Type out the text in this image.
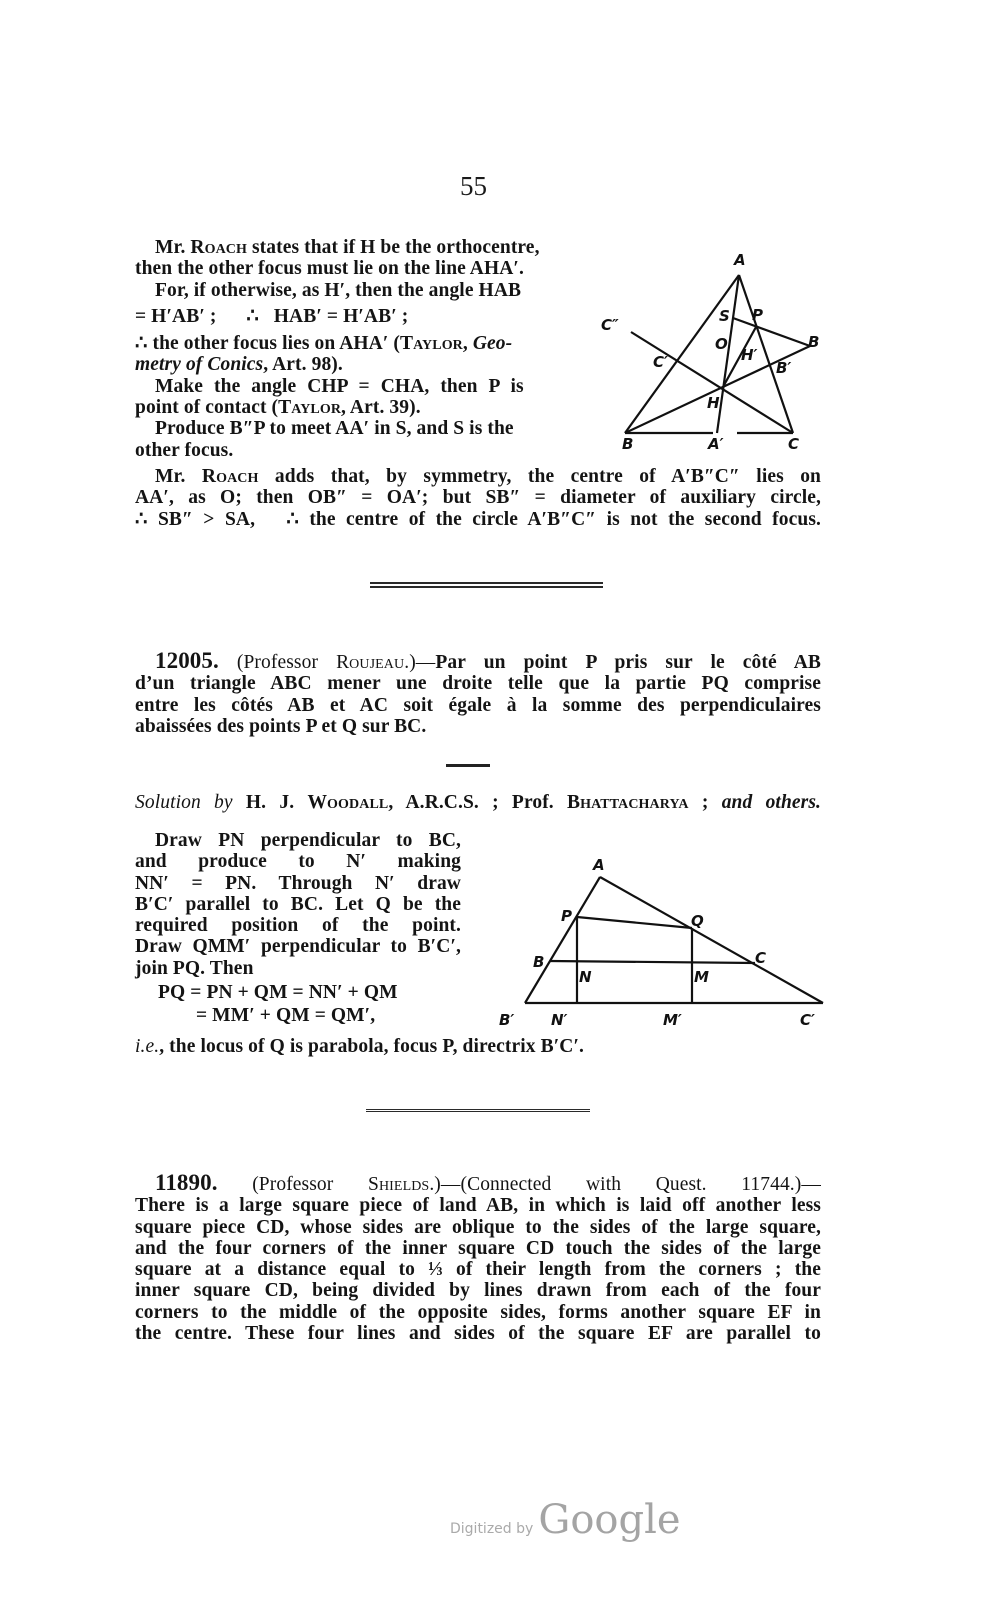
55
Mr. Roach states that if H be the orthocentre,
then the other focus must lie on the line AHA′.
For, if otherwise, as H′, then the angle HAB
= H′AB′ ;      ∴   HAB′ = H′AB′ ;
∴ the other focus lies on AHA′ (Taylor, Geo-
metry of Conics, Art. 98).
Make the angle CHP = CHA, then P is
point of contact (Taylor, Art. 39).
Produce B″P to meet AA′ in S, and S is the
other focus.
A
S P
C″
B
O
C′	H′
B′
H
B	A′	C
Mr. Roach adds that, by symmetry, the centre of A′B″C″ lies on
AA′, as O; then OB″ = OA′; but SB″ = diameter of auxiliary circle,
∴ SB″ > SA,   ∴ the centre of the circle A′B″C″ is not the second focus.
12005. (Professor Roujeau.)—Par un point P pris sur le côté AB
d’un triangle ABC mener une droite telle que la partie PQ comprise
entre les côtés AB et AC soit égale à la somme des perpendiculaires
abaissées des points P et Q sur BC.
Solution by H. J. Woodall, A.R.C.S. ; Prof. Bhattacharya ; and others.
Draw PN perpendicular to BC,
and produce to N′ making
NN′ = PN. Through N′ draw
B′C′ parallel to BC. Let Q be the
required position of the point.
Draw QMM′ perpendicular to B′C′,
join PQ. Then
PQ = PN + QM = NN′ + QM
= MM′ + QM = QM′,
i.e., the locus of Q is parabola, focus P, directrix B′C′.
A
P	Q
B	C
N	M
B′ N′	M′	C′
11890. (Professor Shields.)—(Connected with Quest. 11744.)—
There is a large square piece of land AB, in which is laid off another less
square piece CD, whose sides are oblique to the sides of the large square,
and the four corners of the inner square CD touch the sides of the large
square at a distance equal to ⅓ of their length from the corners ; the
inner square CD, being divided by lines drawn from each of the four
corners to the middle of the opposite sides, forms another square EF in
the centre. These four lines and sides of the square EF are parallel to
Digitized by Google
